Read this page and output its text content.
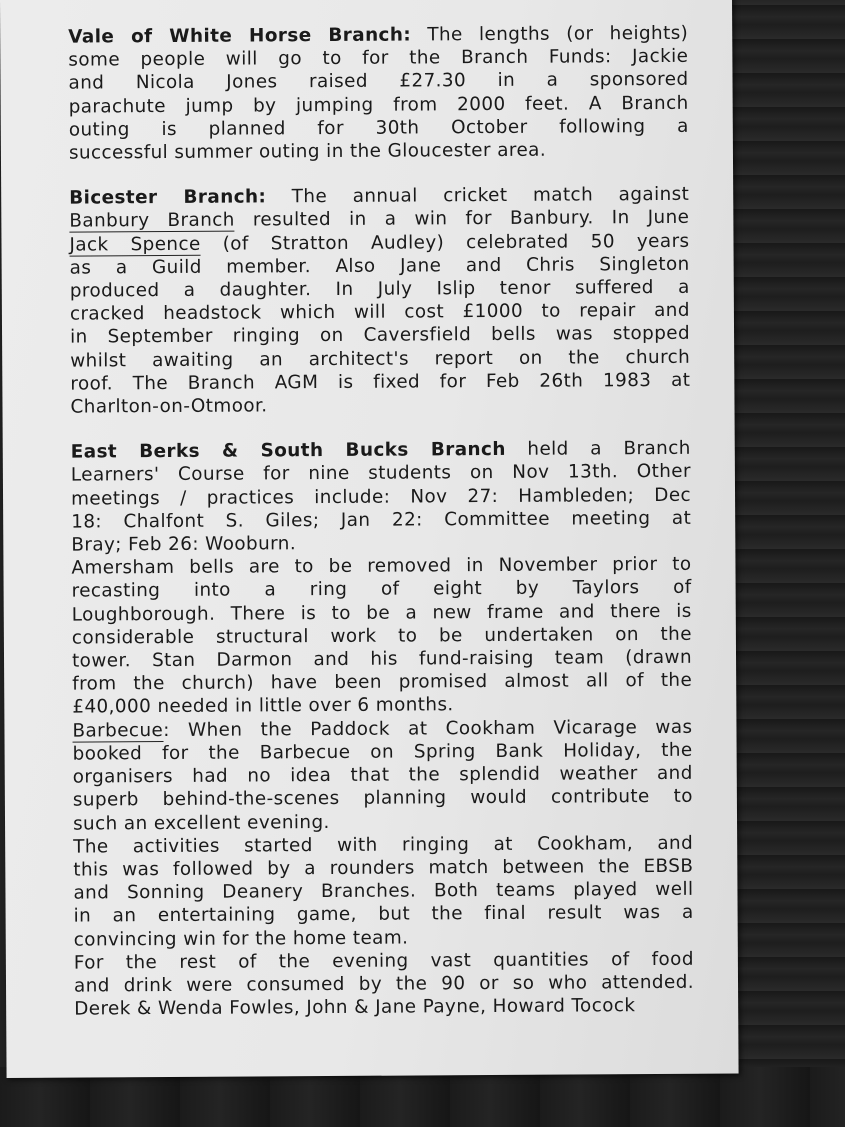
Vale of White Horse Branch: The lengths (or heights)
some people will go to for the Branch Funds: Jackie
and Nicola Jones raised £27.30 in a sponsored
parachute jump by jumping from 2000 feet. A Branch
outing is planned for 30th October following a
successful summer outing in the Gloucester area.
Bicester Branch: The annual cricket match against
Banbury Branch resulted in a win for Banbury. In June
Jack Spence (of Stratton Audley) celebrated 50 years
as a Guild member. Also Jane and Chris Singleton
produced a daughter. In July Islip tenor suffered a
cracked headstock which will cost £1000 to repair and
in September ringing on Caversfield bells was stopped
whilst awaiting an architect's report on the church
roof. The Branch AGM is fixed for Feb 26th 1983 at
Charlton-on-Otmoor.
East Berks & South Bucks Branch held a Branch
Learners' Course for nine students on Nov 13th. Other
meetings / practices include: Nov 27: Hambleden; Dec
18: Chalfont S. Giles; Jan 22: Committee meeting at
Bray; Feb 26: Wooburn.
Amersham bells are to be removed in November prior to
recasting into a ring of eight by Taylors of
Loughborough. There is to be a new frame and there is
considerable structural work to be undertaken on the
tower. Stan Darmon and his fund-raising team (drawn
from the church) have been promised almost all of the
£40,000 needed in little over 6 months.
Barbecue: When the Paddock at Cookham Vicarage was
booked for the Barbecue on Spring Bank Holiday, the
organisers had no idea that the splendid weather and
superb behind-the-scenes planning would contribute to
such an excellent evening.
The activities started with ringing at Cookham, and
this was followed by a rounders match between the EBSB
and Sonning Deanery Branches. Both teams played well
in an entertaining game, but the final result was a
convincing win for the home team.
For the rest of the evening vast quantities of food
and drink were consumed by the 90 or so who attended.
Derek & Wenda Fowles, John & Jane Payne, Howard Tocock
